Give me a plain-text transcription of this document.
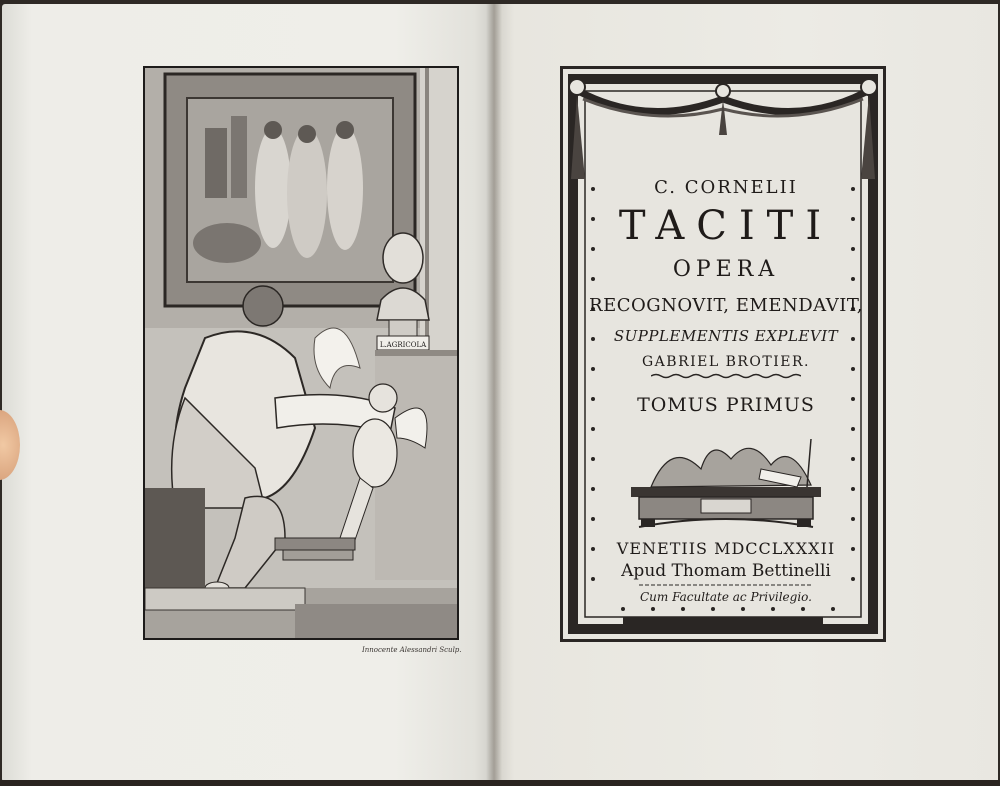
L.AGRICOLA
Innocente Alessandri Sculp.
C. CORNELII
TACITI
OPERA
RECOGNOVIT, EMENDAVIT,
SUPPLEMENTIS EXPLEVIT
GABRIEL BROTIER.
TOMUS PRIMUS
VENETIIS MDCCLXXXII
Apud Thomam Bettinelli
Cum Facultate ac Privilegio.
